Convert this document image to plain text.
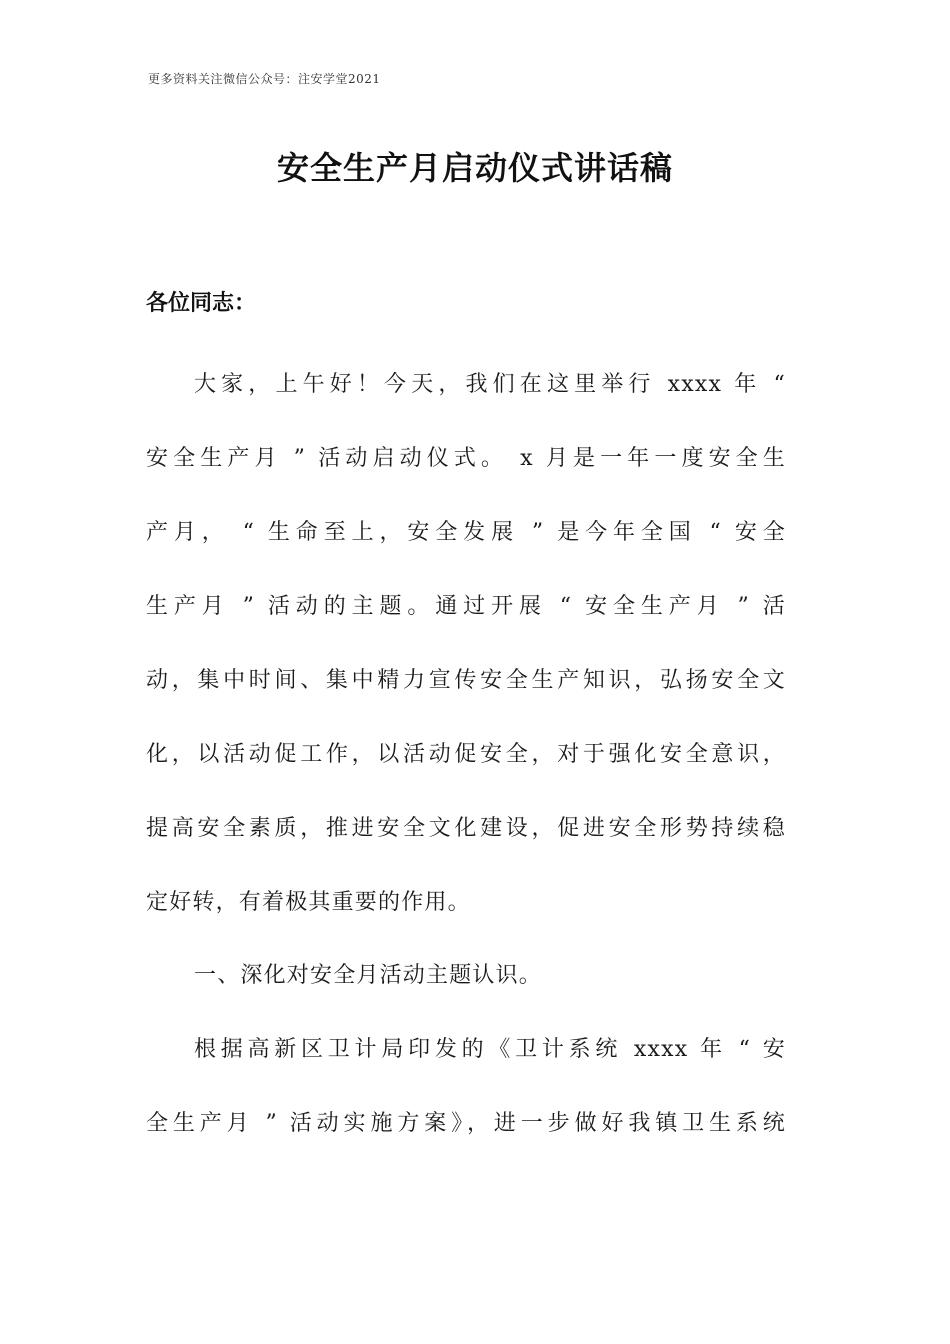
更多资料关注微信公众号：注安学堂2021
安全生产月启动仪式讲话稿
各位同志：
大家，上午好！今天，我们在这里举行 xxxx 年 “
安全生产月 ” 活动启动仪式。 x 月是一年一度安全生
产月， “ 生命至上，安全发展 ” 是今年全国 “ 安全
生产月 ” 活动的主题。通过开展 “ 安全生产月 ” 活
动，集中时间、集中精力宣传安全生产知识，弘扬安全文
化，以活动促工作，以活动促安全，对于强化安全意识，
提高安全素质，推进安全文化建设，促进安全形势持续稳
定好转，有着极其重要的作用。
一、深化对安全月活动主题认识。
根据高新区卫计局印发的《卫计系统 xxxx 年 “ 安
全生产月 ” 活动实施方案》，进一步做好我镇卫生系统
